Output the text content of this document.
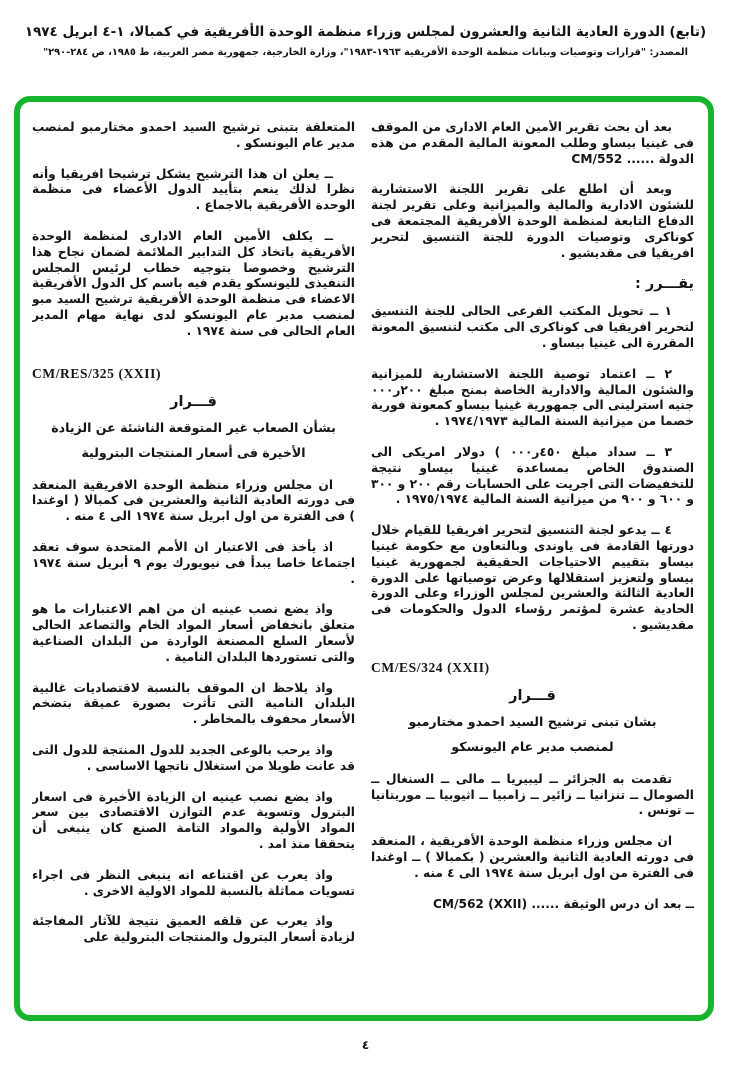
(تابع) الدورة العادية الثانية والعشرون لمجلس وزراء منظمة الوحدة الأفريقية في كمبالا، ١-٤ ابريل ١٩٧٤
المصدر: "قرارات وتوصيات وبيانات منظمة الوحدة الأفريقية ١٩٦٣-١٩٨٣"، وزارة الخارجية، جمهورية مصر العربية، ط ١٩٨٥، ص ٢٨٤-٢٩٠"

بعد أن بحث تقرير الأمين العام الادارى من الموقف فى غينيا بيساو وطلب المعونة المالية المقدم من هذه الدولة ...... CM/552

وبعد أن اطلع على تقرير اللجنة الاستشارية للشئون الادارية والمالية والميزانية وعلى تقرير لجنة الدفاع التابعة لمنظمة الوحدة الأفريقية المجتمعة فى كوناكرى وتوصيات الدورة للجنة التنسيق لتحرير افريقيا فى مقديشيو .

يقـــرر :

١ ــ تحويل المكتب الفرعى الحالى للجنة التنسيق لتحرير افريقيا فى كوناكرى الى مكتب لتنسيق المعونة المقررة الى غينيا بيساو .

٢ ــ اعتماد توصية اللجنة الاستشارية للميزانية والشئون المالية والادارية الخاصة بمنح مبلغ ٢٠٠ر٠٠٠ جنيه استرلينى الى جمهورية غينيا بيساو كمعونة فورية خصما من ميزانية السنة المالية ١٩٧٤/١٩٧٣ .

٣ ــ سداد مبلغ ٤٥٠ر٠٠٠ ) دولار امريكى الى الصندوق الخاص بمساعدة غينيا بيساو نتيجة للتخفيضات التى اجريت على الحسابات رقم ٢٠٠ و ٣٠٠ و ٦٠٠ و ٩٠٠ من ميزانية السنة المالية ١٩٧٥/١٩٧٤ .

٤ ــ يدعو لجنة التنسيق لتحرير افريقيا للقيام خلال دورتها القادمة فى ياوندى وبالتعاون مع حكومة غينيا بيساو بتقييم الاحتياجات الحقيقية لجمهورية غينيا بيساو ولتعزيز استقلالها وعرض توصياتها على الدورة العادية الثالثة والعشرين لمجلس الوزراء وعلى الدورة الحادية عشرة لمؤتمر رؤساء الدول والحكومات فى مقديشيو .

CM/ES/324 (XXII)

قـــرار

بشان تبنى ترشيح السيد احمدو مختارمبو

لمنصب مدير عام اليونسكو

تقدمت به الجزائر ــ ليبيريا ــ مالى ــ السنغال ــ الصومال ــ تنزانيا ــ زائير ــ زامبيا ــ اثيوبيا ــ موريتانيا ــ تونس .

ان مجلس وزراء منظمة الوحدة الأفريقية ، المنعقد فى دورته العادية الثانية والعشرين ( بكمبالا ) ــ اوغندا فى الفترة من اول ابريل سنة ١٩٧٤ الى ٤ منه .

ــ بعد ان درس الوثيقة ...... CM/562 (XXII)

المتعلقة بتبنى ترشيح السيد احمدو مختارمبو لمنصب مدير عام اليونسكو .

ــ يعلن ان هذا الترشيح يشكل ترشيحا افريقيا وأنه نظرا لذلك ينعم بتأييد الدول الأعضاء فى منظمة الوحدة الأفريقية بالاجماع .

ــ يكلف الأمين العام الادارى لمنظمة الوحدة الأفريقية باتخاذ كل التدابير الملائمة لضمان نجاح هذا الترشيح وخصوصا بتوجيه خطاب لرئيس المجلس التنفيذى لليونسكو يقدم فيه باسم كل الدول الأفريقية الاعضاء فى منظمة الوحدة الأفريقية ترشيح السيد مبو لمنصب مدير عام اليونسكو لدى نهاية مهام المدير العام الحالى فى سنة ١٩٧٤ .

CM/RES/325 (XXII)

قـــرار

بشأن الصعاب غير المتوقعة الناشئة عن الزيادة

الأخيرة فى أسعار المنتجات البترولية

ان مجلس وزراء منظمة الوحدة الافريقية المنعقد فى دورته العادية الثانية والعشرين فى كمبالا ( اوغندا ) فى الفترة من اول ابريل سنة ١٩٧٤ الى ٤ منه .

اذ يأخذ فى الاعتبار ان الأمم المتحدة سوف تعقد اجتماعا خاصا يبدأ فى نيويورك يوم ٩ أبريل سنة ١٩٧٤ .

واذ يضع نصب عينيه ان من اهم الاعتبارات ما هو متعلق بانخفاض أسعار المواد الخام والتصاعد الحالى لأسعار السلع المصنعة الواردة من البلدان الصناعية والتى تستوردها البلدان النامية .

واذ يلاحظ ان الموقف بالنسبة لاقتصاديات غالبية البلدان النامية التى تأثرت بصورة عميقة بتضخم الأسعار محفوف بالمخاطر .

واذ يرحب بالوعى الجديد للدول المنتجة للدول التى قد عانت طويلا من استغلال ناتجها الاساسى .

واذ يضع نصب عينيه ان الزيادة الأخيرة فى اسعار البترول وتسوية عدم التوازن الاقتصادى بين سعر المواد الأولية والمواد التامة الصنع كان ينبغى أن يتحققا منذ امد .

واذ يعرب عن اقتناعه انه ينبغى النظر فى اجراء تسويات مماثلة بالنسبة للمواد الاولية الاخرى .

واذ يعرب عن قلقه العميق نتيجة للآثار المفاجئة لزيادة أسعار البترول والمنتجات البترولية على

٤
